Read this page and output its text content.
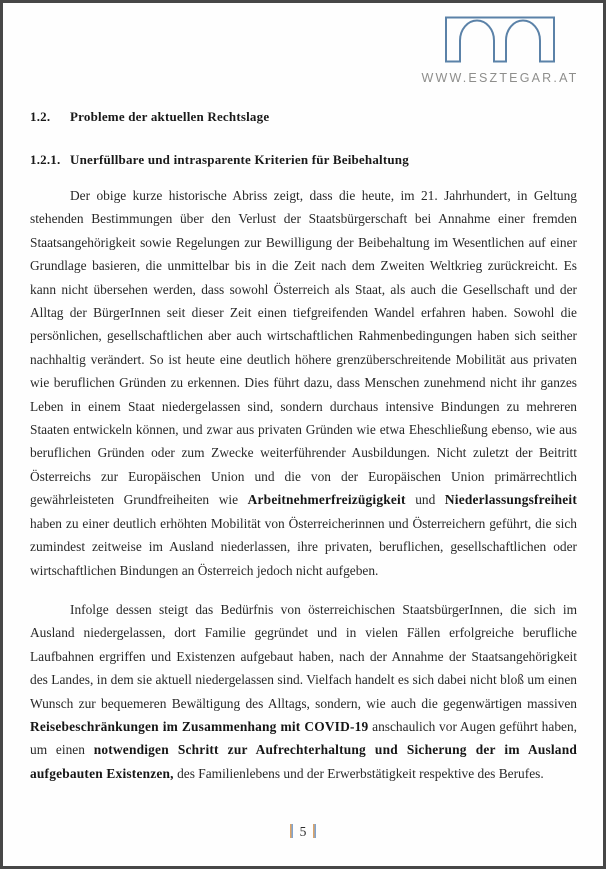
WWW.ESZTEGAR.AT
1.2. Probleme der aktuellen Rechtslage
1.2.1. Unerfüllbare und intrasparente Kriterien für Beibehaltung

Der obige kurze historische Abriss zeigt, dass die heute, im 21. Jahrhundert, in Geltung stehenden Bestimmungen über den Verlust der Staatsbürgerschaft bei Annahme einer fremden Staatsangehörigkeit sowie Regelungen zur Bewilligung der Beibehaltung im Wesentlichen auf einer Grundlage basieren, die unmittelbar bis in die Zeit nach dem Zweiten Weltkrieg zurückreicht. Es kann nicht übersehen werden, dass sowohl Österreich als Staat, als auch die Gesellschaft und der Alltag der BürgerInnen seit dieser Zeit einen tiefgreifenden Wandel erfahren haben. Sowohl die persönlichen, gesellschaftlichen aber auch wirtschaftlichen Rahmenbedingungen haben sich seither nachhaltig verändert. So ist heute eine deutlich höhere grenzüberschreitende Mobilität aus privaten wie beruflichen Gründen zu erkennen. Dies führt dazu, dass Menschen zunehmend nicht ihr ganzes Leben in einem Staat niedergelassen sind, sondern durchaus intensive Bindungen zu mehreren Staaten entwickeln können, und zwar aus privaten Gründen wie etwa Eheschließung ebenso, wie aus beruflichen Gründen oder zum Zwecke weiterführender Ausbildungen. Nicht zuletzt der Beitritt Österreichs zur Europäischen Union und die von der Europäischen Union primärrechtlich gewährleisteten Grundfreiheiten wie Arbeitnehmerfreizügigkeit und Niederlassungsfreiheit haben zu einer deutlich erhöhten Mobilität von Österreicherinnen und Österreichern geführt, die sich zumindest zeitweise im Ausland niederlassen, ihre privaten, beruflichen, gesellschaftlichen oder wirtschaftlichen Bindungen an Österreich jedoch nicht aufgeben.

Infolge dessen steigt das Bedürfnis von österreichischen StaatsbürgerInnen, die sich im Ausland niedergelassen, dort Familie gegründet und in vielen Fällen erfolgreiche berufliche Laufbahnen ergriffen und Existenzen aufgebaut haben, nach der Annahme der Staatsangehörigkeit des Landes, in dem sie aktuell niedergelassen sind. Vielfach handelt es sich dabei nicht bloß um einen Wunsch zur bequemeren Bewältigung des Alltags, sondern, wie auch die gegenwärtigen massiven Reisebeschränkungen im Zusammenhang mit COVID-19 anschaulich vor Augen geführt haben, um einen notwendigen Schritt zur Aufrechterhaltung und Sicherung der im Ausland aufgebauten Existenzen, des Familienlebens und der Erwerbstätigkeit respektive des Berufes.

5
